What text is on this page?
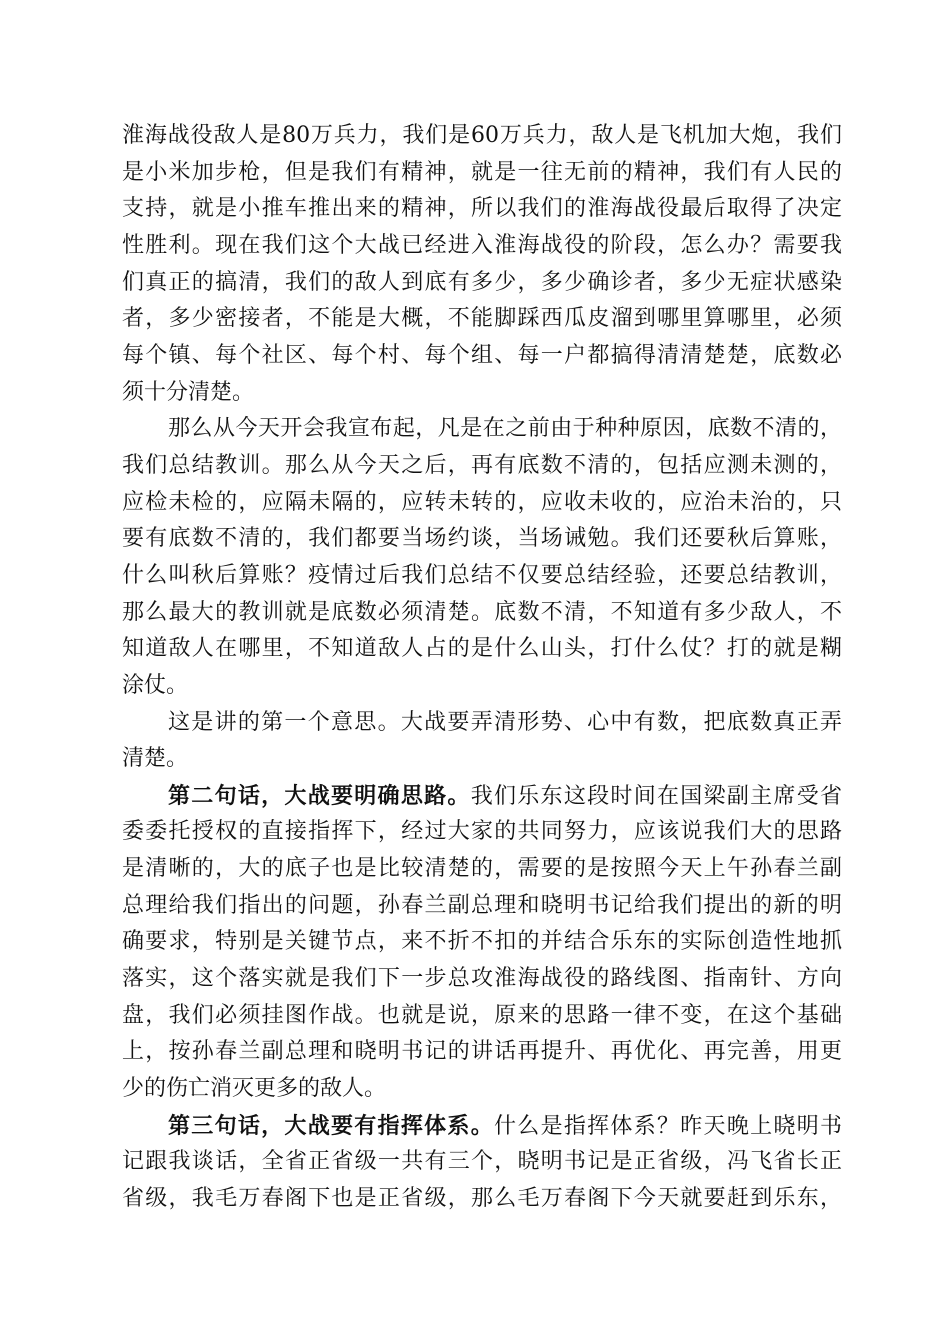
淮海战役敌人是80万兵力，我们是60万兵力，敌人是飞机加大炮，我们
是小米加步枪，但是我们有精神，就是一往无前的精神，我们有人民的
支持，就是小推车推出来的精神，所以我们的淮海战役最后取得了决定
性胜利。现在我们这个大战已经进入淮海战役的阶段，怎么办？需要我
们真正的搞清，我们的敌人到底有多少，多少确诊者，多少无症状感染
者，多少密接者，不能是大概，不能脚踩西瓜皮溜到哪里算哪里，必须
每个镇、每个社区、每个村、每个组、每一户都搞得清清楚楚，底数必
须十分清楚。
那么从今天开会我宣布起，凡是在之前由于种种原因，底数不清的，
我们总结教训。那么从今天之后，再有底数不清的，包括应测未测的，
应检未检的，应隔未隔的，应转未转的，应收未收的，应治未治的，只
要有底数不清的，我们都要当场约谈，当场诫勉。我们还要秋后算账，
什么叫秋后算账？疫情过后我们总结不仅要总结经验，还要总结教训，
那么最大的教训就是底数必须清楚。底数不清，不知道有多少敌人，不
知道敌人在哪里，不知道敌人占的是什么山头，打什么仗？打的就是糊
涂仗。
这是讲的第一个意思。大战要弄清形势、心中有数，把底数真正弄
清楚。
第二句话，大战要明确思路。我们乐东这段时间在国梁副主席受省
委委托授权的直接指挥下，经过大家的共同努力，应该说我们大的思路
是清晰的，大的底子也是比较清楚的，需要的是按照今天上午孙春兰副
总理给我们指出的问题，孙春兰副总理和晓明书记给我们提出的新的明
确要求，特别是关键节点，来不折不扣的并结合乐东的实际创造性地抓
落实，这个落实就是我们下一步总攻淮海战役的路线图、指南针、方向
盘，我们必须挂图作战。也就是说，原来的思路一律不变，在这个基础
上，按孙春兰副总理和晓明书记的讲话再提升、再优化、再完善，用更
少的伤亡消灭更多的敌人。
第三句话，大战要有指挥体系。什么是指挥体系？昨天晚上晓明书
记跟我谈话，全省正省级一共有三个，晓明书记是正省级，冯飞省长正
省级，我毛万春阁下也是正省级，那么毛万春阁下今天就要赶到乐东，
